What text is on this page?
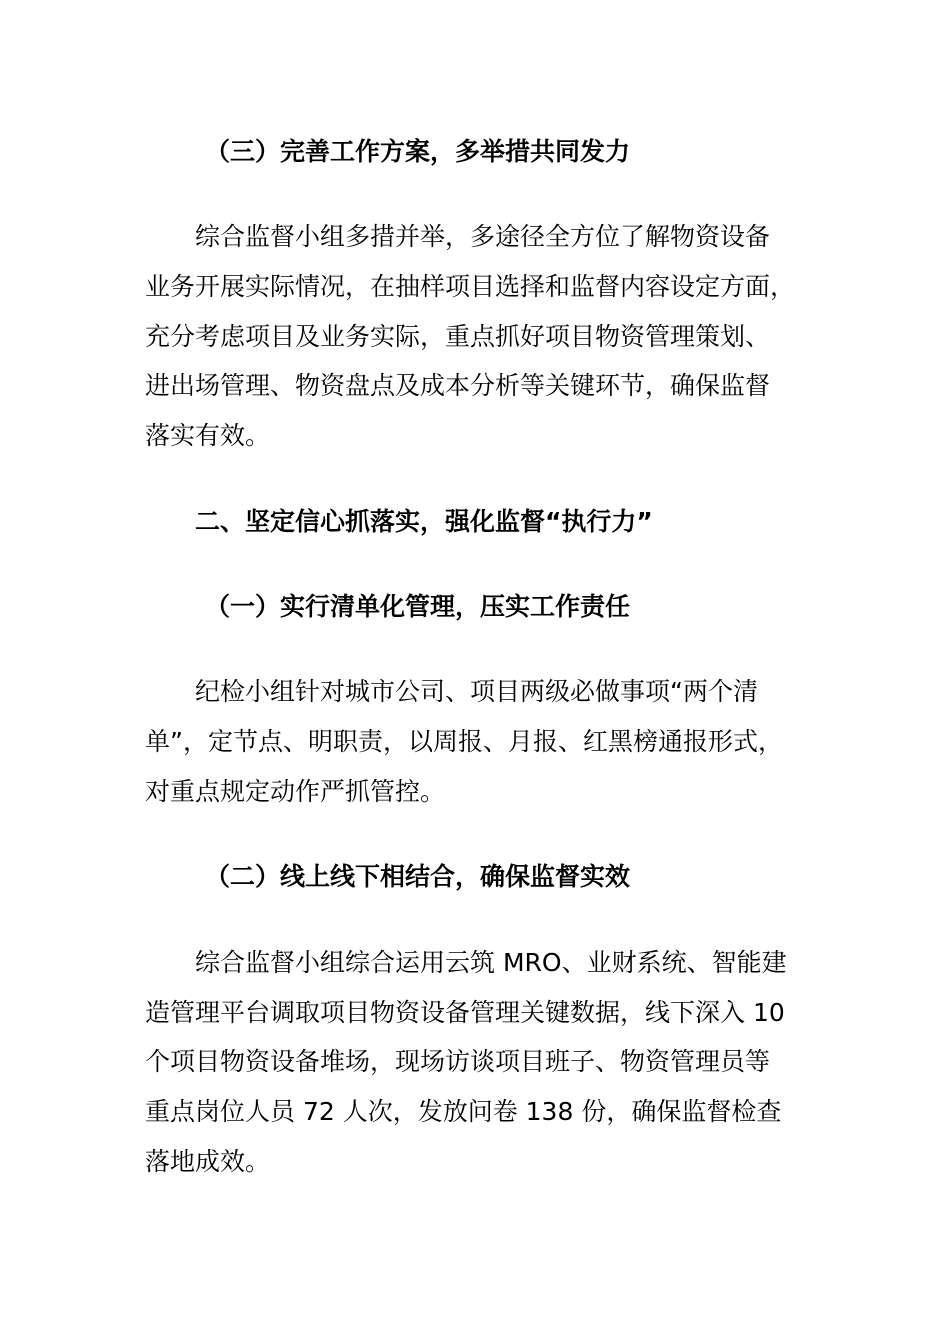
（三）完善工作方案，多举措共同发力
综合监督小组多措并举，多途径全方位了解物资设备
业务开展实际情况，在抽样项目选择和监督内容设定方面，
充分考虑项目及业务实际，重点抓好项目物资管理策划、
进出场管理、物资盘点及成本分析等关键环节，确保监督
落实有效。
二、坚定信心抓落实，强化监督“执行力”
（一）实行清单化管理，压实工作责任
纪检小组针对城市公司、项目两级必做事项“两个清
单”，定节点、明职责，以周报、月报、红黑榜通报形式，
对重点规定动作严抓管控。
（二）线上线下相结合，确保监督实效
综合监督小组综合运用云筑 MRO、业财系统、智能建
造管理平台调取项目物资设备管理关键数据，线下深入 10
个项目物资设备堆场，现场访谈项目班子、物资管理员等
重点岗位人员 72 人次，发放问卷 138 份，确保监督检查
落地成效。
